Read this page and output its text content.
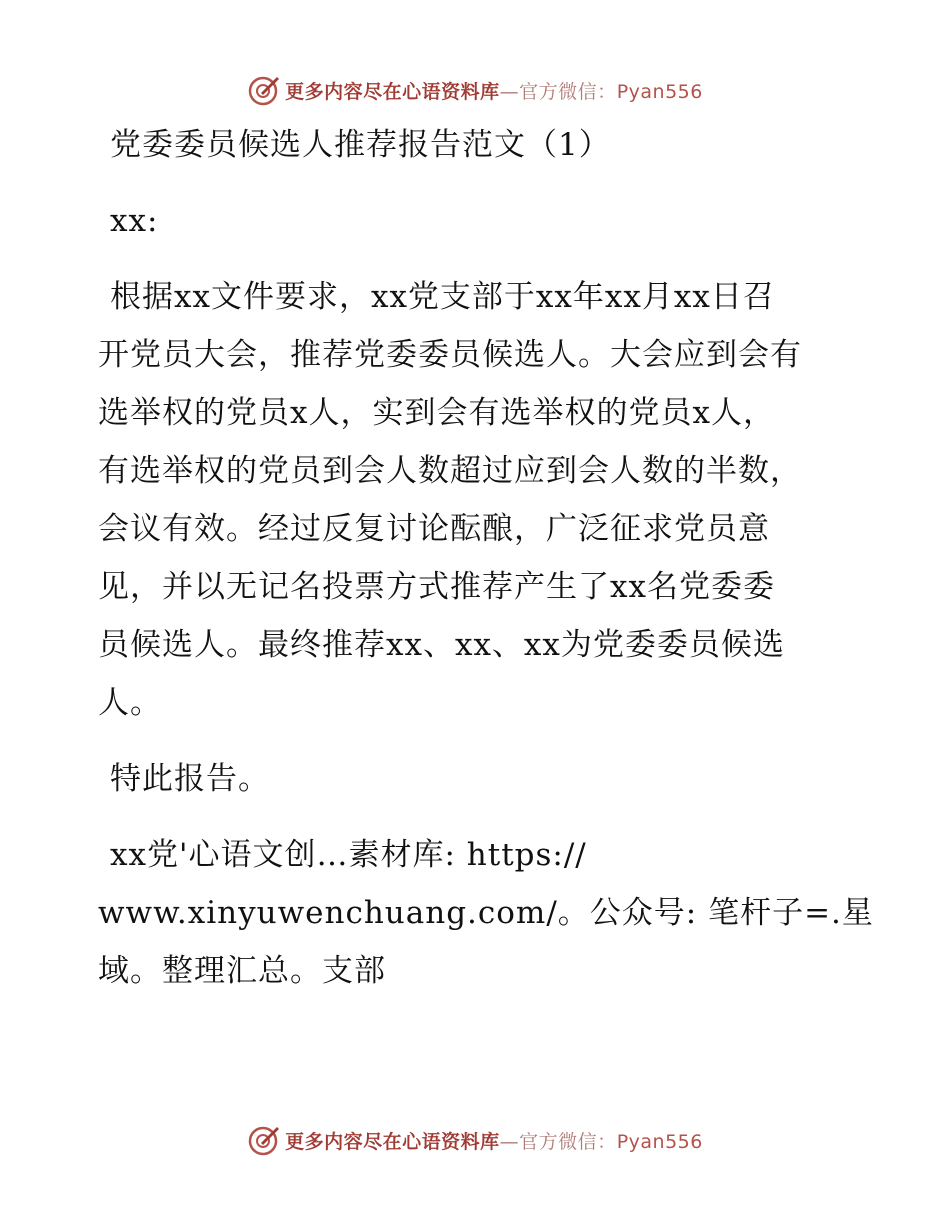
更多内容尽在心语资料库—官方微信：Pyan556
党委委员候选人推荐报告范文（1）
xx:
根据xx文件要求，xx党支部于xx年xx月xx日召
开党员大会，推荐党委委员候选人。大会应到会有
选举权的党员x人，实到会有选举权的党员x人，
有选举权的党员到会人数超过应到会人数的半数，
会议有效。经过反复讨论酝酿，广泛征求党员意
见，并以无记名投票方式推荐产生了xx名党委委
员候选人。最终推荐xx、xx、xx为党委委员候选
人。
特此报告。
xx党'心语文创…素材库: https://
www.xinyuwenchuang.com/。公众号: 笔杆子=.星
域。整理汇总。支部
更多内容尽在心语资料库—官方微信：Pyan556
